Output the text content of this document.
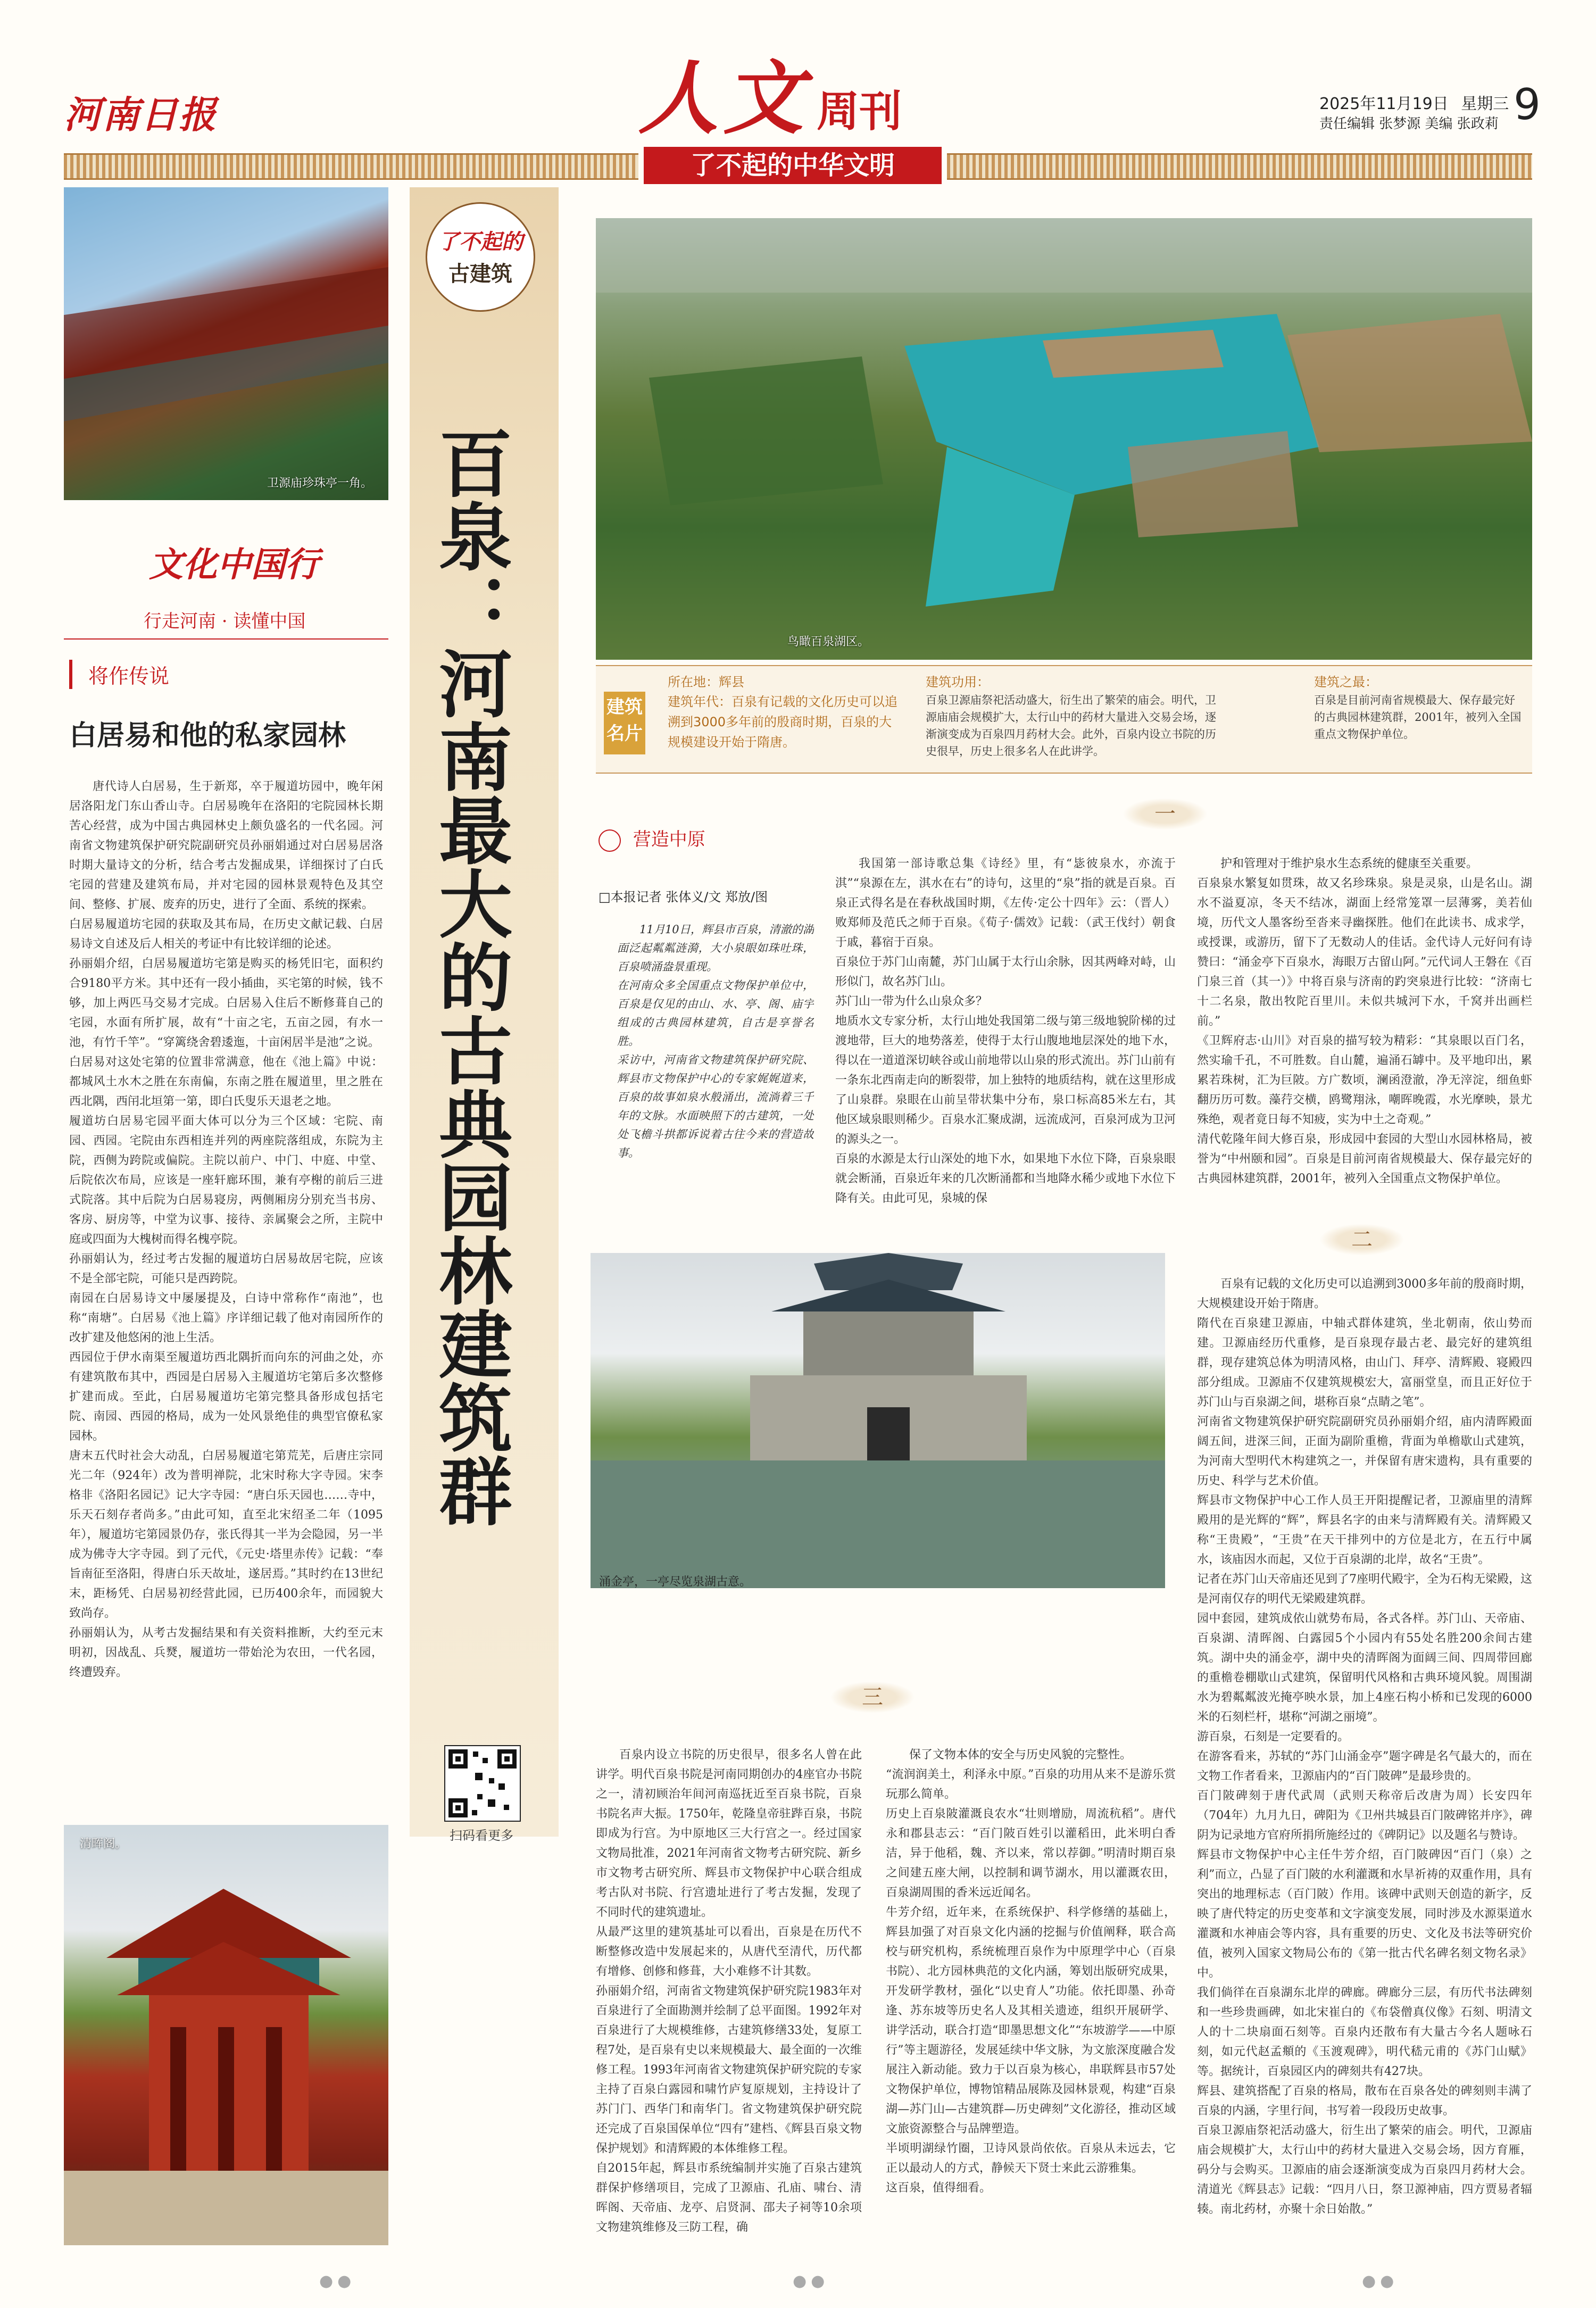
河南日报	人文 周刊	2025年11月19日 星期三
责任编辑 张梦源 美编 张政莉 9
了不起的中华文明
卫源庙珍珠亭一角。
文化中国行
行走河南 · 读懂中国
将作传说
白居易和他的私家园林
唐代诗人白居易，生于新郑，卒于履道坊园中，晚年闲居洛阳龙门东山香山寺。白居易晚年在洛阳的宅院园林长期苦心经营，成为中国古典园林史上颇负盛名的一代名园。河南省文物建筑保护研究院副研究员孙丽娟通过对白居易居洛时期大量诗文的分析，结合考古发掘成果，详细探讨了白氏宅园的营建及建筑布局，并对宅园的园林景观特色及其空间、整修、扩展、废弃的历史，进行了全面、系统的探索。
白居易履道坊宅园的获取及其布局，在历史文献记载、白居易诗文自述及后人相关的考证中有比较详细的论述。
孙丽娟介绍，白居易履道坊宅第是购买的杨凭旧宅，面积约合9180平方米。其中还有一段小插曲，买宅第的时候，钱不够，加上两匹马交易才完成。白居易入住后不断修葺自己的宅园，水面有所扩展，故有“十亩之宅，五亩之园，有水一池，有竹千竿”。“穿篱绕舍碧逶迤，十亩闲居半是池”之说。
白居易对这处宅第的位置非常满意，他在《池上篇》中说：都城风土水木之胜在东南偏，东南之胜在履道里，里之胜在西北隅，西闬北垣第一第，即白氏叟乐天退老之地。
履道坊白居易宅园平面大体可以分为三个区域：宅院、南园、西园。宅院由东西相连并列的两座院落组成，东院为主院，西侧为跨院或偏院。主院以前户、中门、中庭、中堂、后院依次布局，应该是一座轩廊环围，兼有亭榭的前后三进式院落。其中后院为白居易寝房，两侧厢房分别充当书房、客房、厨房等，中堂为议事、接待、亲属聚会之所，主院中庭或四面为大槐树而得名槐亭院。
孙丽娟认为，经过考古发掘的履道坊白居易故居宅院，应该不是全部宅院，可能只是西跨院。
南园在白居易诗文中屡屡提及，白诗中常称作“南池”，也称“南塘”。白居易《池上篇》序详细记载了他对南园所作的改扩建及他悠闲的池上生活。
西园位于伊水南渠至履道坊西北隅折而向东的河曲之处，亦有建筑散布其中，西园是白居易入主履道坊宅第后多次整修扩建而成。至此，白居易履道坊宅第完整具备形成包括宅院、南园、西园的格局，成为一处风景绝佳的典型官僚私家园林。
唐末五代时社会大动乱，白居易履道宅第荒芜，后唐庄宗同光二年（924年）改为普明禅院，北宋时称大字寺园。宋李格非《洛阳名园记》记大字寺园：“唐白乐天园也……寺中，乐天石刻存者尚多。”由此可知，直至北宋绍圣二年（1095年），履道坊宅第园景仍存，张氏得其一半为会隐园，另一半成为佛寺大字寺园。到了元代，《元史·塔里赤传》记载：“奉旨南征至洛阳，得唐白乐天故址，遂居焉。”其时约在13世纪末，距杨凭、白居易初经营此园，已历400余年，而园貌大致尚存。
孙丽娟认为，从考古发掘结果和有关资料推断，大约至元末明初，因战乱、兵燹，履道坊一带始沦为农田，一代名园，终遭毁弃。
清晖阁。
了不起的
古建筑
百泉：河南最大的古典园林建筑群
扫码看更多
鸟瞰百泉湖区。
建筑名片
所在地：辉县
建筑年代：百泉有记载的文化历史可以追溯到3000多年前的殷商时期，百泉的大规模建设开始于隋唐。
建筑功用：
百泉卫源庙祭祀活动盛大，衍生出了繁荣的庙会。明代，卫源庙庙会规模扩大，太行山中的药材大量进入交易会场，逐渐演变成为百泉四月药材大会。此外，百泉内设立书院的历史很早，历史上很多名人在此讲学。
建筑之最：
百泉是目前河南省规模最大、保存最完好的古典园林建筑群，2001年，被列入全国重点文物保护单位。
营造中原
□本报记者 张体义/文 郑放/图
11月10日，辉县市百泉，清澈的湖面泛起粼粼涟漪，大小泉眼如珠吐珠，百泉喷涌盎景重现。
在河南众多全国重点文物保护单位中，百泉是仅见的由山、水、亭、阁、庙宇组成的古典园林建筑，自古是享誉名胜。
采访中，河南省文物建筑保护研究院、辉县市文物保护中心的专家娓娓道来，百泉的故事如泉水般涌出，流淌着三千年的文脉。水面映照下的古建筑，一处处飞檐斗拱都诉说着古往今来的营造故事。
一
我国第一部诗歌总集《诗经》里，有“毖彼泉水，亦流于淇”“泉源在左，淇水在右”的诗句，这里的“泉”指的就是百泉。百泉正式得名是在春秋战国时期，《左传·定公十四年》云：（晋人）败郑师及范氏之师于百泉。《荀子·儒效》记载：（武王伐纣）朝食于戚，暮宿于百泉。
百泉位于苏门山南麓，苏门山属于太行山余脉，因其两峰对峙，山形似门，故名苏门山。
苏门山一带为什么山泉众多？
地质水文专家分析，太行山地处我国第二级与第三级地貌阶梯的过渡地带，巨大的地势落差，使得于太行山腹地地层深处的地下水，得以在一道道深切峡谷或山前地带以山泉的形式流出。苏门山前有一条东北西南走向的断裂带，加上独特的地质结构，就在这里形成了山泉群。泉眼在山前呈带状集中分布，泉口标高85米左右，其他区域泉眼则稀少。百泉水汇聚成湖，远流成河，百泉河成为卫河的源头之一。
百泉的水源是太行山深处的地下水，如果地下水位下降，百泉泉眼就会断涌，百泉近年来的几次断涌都和当地降水稀少或地下水位下降有关。由此可见，泉城的保
护和管理对于维护泉水生态系统的健康至关重要。
百泉泉水繁复如贯珠，故又名珍珠泉。泉是灵泉，山是名山。湖水不溢夏凉，冬天不结冰，湖面上经常笼罩一层薄雾，美若仙境，历代文人墨客纷至沓来寻幽探胜。他们在此读书、成求学，或授课，或游历，留下了无数动人的佳话。金代诗人元好问有诗赞曰：“涌金亭下百泉水，海眼万古留山阿。”元代词人王磐在《百门泉三首（其一）》中将百泉与济南的趵突泉进行比较：“济南七十二名泉，散出牧陀百里川。未似共城河下水，千窝并出画栏前。”
《卫辉府志·山川》对百泉的描写较为精彩：“其泉眼以百门名，然实瑜千孔，不可胜数。自山麓，遍涌石罅中。及平地印出，累累若珠树，汇为巨陂。方广数顷，澜函澄澈，净无滓淀，细鱼虾翻历历可数。藻荇交横，鸥鹭翔泳，嘲晖晚霞，水光摩映，景尤殊绝，观者竟日每不知疲，实为中土之奇观。”
清代乾隆年间大修百泉，形成园中套园的大型山水园林格局，被誉为“中州颐和园”。百泉是目前河南省规模最大、保存最完好的古典园林建筑群，2001年，被列入全国重点文物保护单位。
涌金亭，一亭尽览泉湖古意。
二
百泉有记载的文化历史可以追溯到3000多年前的殷商时期，大规模建设开始于隋唐。
隋代在百泉建卫源庙，中轴式群体建筑，坐北朝南，依山势而建。卫源庙经历代重修，是百泉现存最古老、最完好的建筑组群，现存建筑总体为明清风格，由山门、拜亭、清辉殿、寝殿四部分组成。卫源庙不仅建筑规模宏大，富丽堂皇，而且正好位于苏门山与百泉湖之间，堪称百泉“点睛之笔”。
河南省文物建筑保护研究院副研究员孙丽娟介绍，庙内清晖殿面阔五间，进深三间，正面为副阶重檐，背面为单檐歇山式建筑，为河南大型明代木构建筑之一，并保留有唐宋遗构，具有重要的历史、科学与艺术价值。
辉县市文物保护中心工作人员王开阳提醒记者，卫源庙里的清辉殿用的是光辉的“辉”，辉县名字的由来与清辉殿有关。清辉殿又称“王贵殿”，“王贵”在天干排列中的方位是北方，在五行中属水，该庙因水而起，又位于百泉湖的北岸，故名“王贵”。
记者在苏门山天帝庙还见到了7座明代殿宇，全为石构无梁殿，这是河南仅存的明代无梁殿建筑群。
园中套园，建筑成依山就势布局，各式各样。苏门山、天帝庙、百泉湖、清晖阁、白露园5个小园内有55处名胜200余间古建筑。湖中央的涌金亭，湖中央的清晖阁为面阔三间、四周带回廊的重檐卷棚歇山式建筑，保留明代风格和古典环境风貌。周围湖水为碧粼粼波光掩亭映水景，加上4座石构小桥和已发现的6000米的石刻栏杆，堪称“河湖之丽境”。
游百泉，石刻是一定要看的。
在游客看来，苏轼的“苏门山涌金亭”题字碑是名气最大的，而在文物工作者看来，卫源庙内的“百门陂碑”是最珍贵的。
百门陂碑刻于唐代武周（武则天称帝后改唐为周）长安四年（704年）九月九日，碑阳为《卫州共城县百门陂碑铭并序》，碑阴为记录地方官府所捐所施经过的《碑阴记》以及题名与赞诗。
辉县市文物保护中心主任牛芳介绍，百门陂碑因“百门（泉）之利”而立，凸显了百门陂的水利灌溉和水旱祈祷的双重作用，具有突出的地理标志（百门陂）作用。该碑中武则天创造的新字，反映了唐代特定的历史变革和文字演变发展，同时涉及水源渠道水灌溉和水神庙会等内容，具有重要的历史、文化及书法等研究价值，被列入国家文物局公布的《第一批古代名碑名刻文物名录》中。
我们倘徉在百泉湖东北岸的碑廊。碑廊分三层，有历代书法碑刻和一些珍贵画碑，如北宋崔白的《布袋僧真仪像》石刻、明清文人的十二块扇面石刻等。百泉内还散布有大量古今名人题咏石刻，如元代赵孟頫的《玉渡观碑》，明代嵇元甫的《苏门山赋》等。据统计，百泉园区内的碑刻共有427块。
辉县、建筑搭配了百泉的格局，散布在百泉各处的碑刻则丰满了百泉的内涵，字里行间，书写着一段段历史故事。
百泉卫源庙祭祀活动盛大，衍生出了繁荣的庙会。明代，卫源庙庙会规模扩大，太行山中的药材大量进入交易会场，因方育雁，码分与会购买。卫源庙的庙会逐渐演变成为百泉四月药材大会。清道光《辉县志》记载：“四月八日，祭卫源神庙，四方贾易者辐辏。南北药材，亦聚十余日始散。”
三
百泉内设立书院的历史很早，很多名人曾在此讲学。明代百泉书院是河南同期创办的4座官办书院之一，清初顾治年间河南巡抚近至百泉书院，百泉书院名声大振。1750年，乾隆皇帝驻跸百泉，书院即成为行宫。为中原地区三大行宫之一。经过国家文物局批准，2021年河南省文物考古研究院、新乡市文物考古研究所、辉县市文物保护中心联合组成考古队对书院、行宫遗址进行了考古发掘，发现了不同时代的建筑遗址。
从最严这里的建筑基址可以看出，百泉是在历代不断整修改造中发展起来的，从唐代至清代，历代都有增修、创修和修葺，大小难修不计其数。
孙丽娟介绍，河南省文物建筑保护研究院1983年对百泉进行了全面勘测并绘制了总平面图。1992年对百泉进行了大规模维修，古建筑修缮33处，复原工程7处，是百泉有史以来规模最大、最全面的一次维修工程。1993年河南省文物建筑保护研究院的专家主持了百泉白露园和啸竹庐复原规划，主持设计了苏门门、西华门和南华门。省文物建筑保护研究院还完成了百泉国保单位“四有”建档、《辉县百泉文物保护规划》和清辉殿的本体维修工程。
自2015年起，辉县市系统编制并实施了百泉古建筑群保护修缮项目，完成了卫源庙、孔庙、啸台、清晖阁、天帝庙、龙亭、启贤洞、邵夫子祠等10余项文物建筑维修及三防工程，确
保了文物本体的安全与历史风貌的完整性。
“流润润美土，利泽永中原。”百泉的功用从来不是游乐赏玩那么简单。
历史上百泉陂灌溉良农水“壮则增励，周流秔稻”。唐代永和郡县志云：“百门陂百姓引以灌稻田，此米明白香洁，异于他稻，魏、齐以来，常以荐御。”明清时期百泉之间建五座大闸，以控制和调节湖水，用以灌溉农田，百泉湖周围的香米远近闻名。
牛芳介绍，近年来，在系统保护、科学修缮的基础上，辉县加强了对百泉文化内涵的挖掘与价值阐释，联合高校与研究机构，系统梳理百泉作为中原理学中心（百泉书院）、北方园林典范的文化内涵，筹划出版研究成果，开发研学教材，强化“以史育人”功能。依托即墨、孙奇逢、苏东坡等历史名人及其相关遗迹，组织开展研学、讲学活动，联合打造“即墨思想文化”“东坡游学——中原行”等主题游径，发展延续中华文脉，为文旅深度融合发展注入新动能。致力于以百泉为核心，串联辉县市57处文物保护单位，博物馆精品展陈及园林景观，构建“百泉湖—苏门山—古建筑群—历史碑刻”文化游径，推动区域文旅资源整合与品牌塑造。
半顷明湖绿竹圈，卫诗风景尚依依。百泉从未远去，它正以最动人的方式，静候天下贤士来此云游雅集。
这百泉，值得细看。
●●	●●	●●
